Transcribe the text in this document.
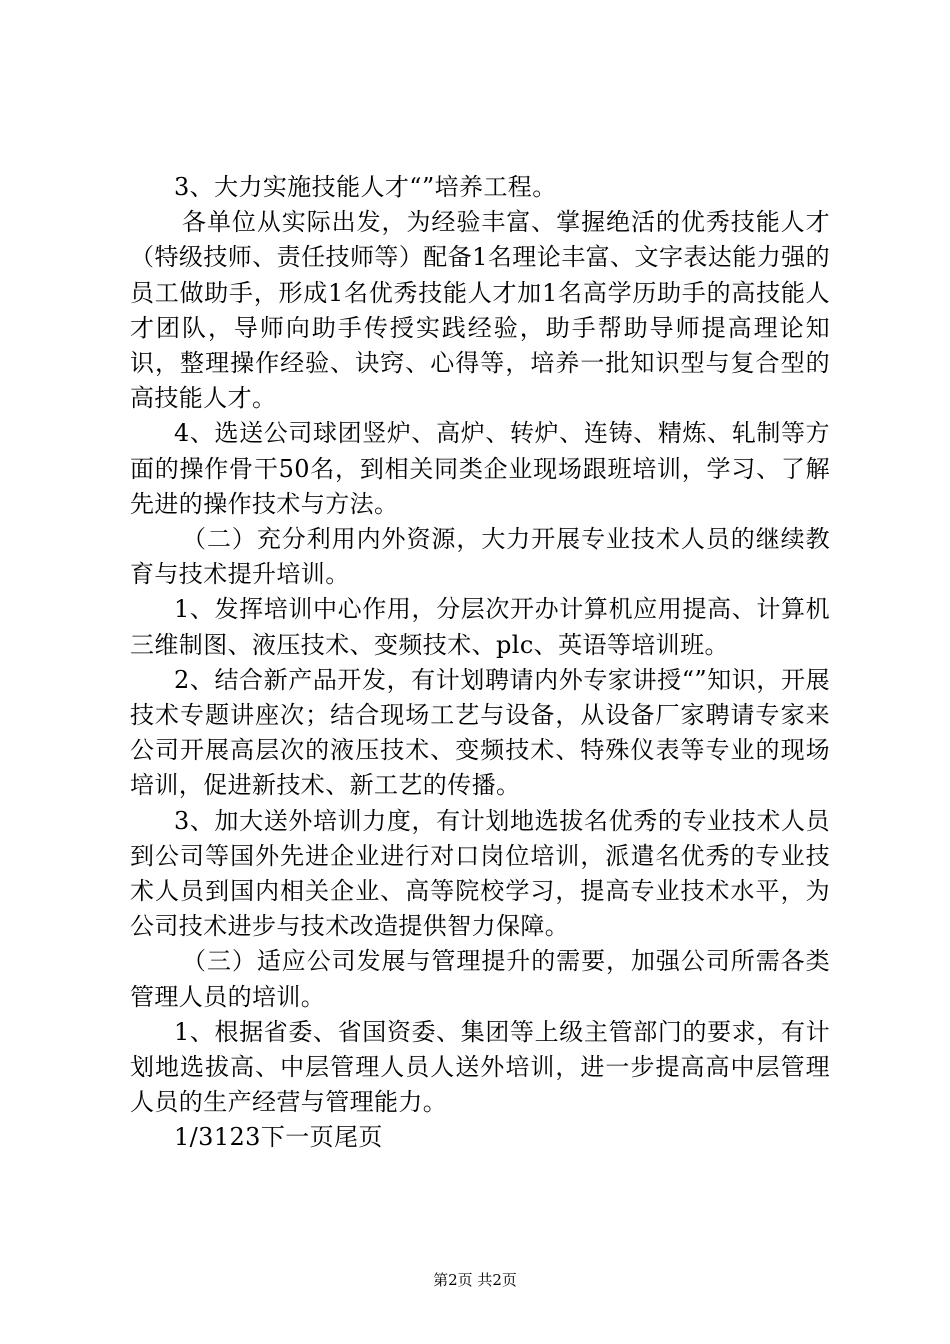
3、大力实施技能人才“”培养工程。

各单位从实际出发，为经验丰富、掌握绝活的优秀技能人才（特级技师、责任技师等）配备1名理论丰富、文字表达能力强的员工做助手，形成1名优秀技能人才加1名高学历助手的高技能人才团队，导师向助手传授实践经验，助手帮助导师提高理论知识，整理操作经验、诀窍、心得等，培养一批知识型与复合型的高技能人才。

4、选送公司球团竖炉、高炉、转炉、连铸、精炼、轧制等方面的操作骨干50名，到相关同类企业现场跟班培训，学习、了解先进的操作技术与方法。

（二）充分利用内外资源，大力开展专业技术人员的继续教育与技术提升培训。

1、发挥培训中心作用，分层次开办计算机应用提高、计算机三维制图、液压技术、变频技术、plc、英语等培训班。

2、结合新产品开发，有计划聘请内外专家讲授“”知识，开展技术专题讲座次；结合现场工艺与设备，从设备厂家聘请专家来公司开展高层次的液压技术、变频技术、特殊仪表等专业的现场培训，促进新技术、新工艺的传播。

3、加大送外培训力度，有计划地选拔名优秀的专业技术人员到公司等国外先进企业进行对口岗位培训，派遣名优秀的专业技术人员到国内相关企业、高等院校学习，提高专业技术水平，为公司技术进步与技术改造提供智力保障。

（三）适应公司发展与管理提升的需要，加强公司所需各类管理人员的培训。

1、根据省委、省国资委、集团等上级主管部门的要求，有计划地选拔高、中层管理人员人送外培训，进一步提高高中层管理人员的生产经营与管理能力。

1/3123下一页尾页

第2页 共2页
